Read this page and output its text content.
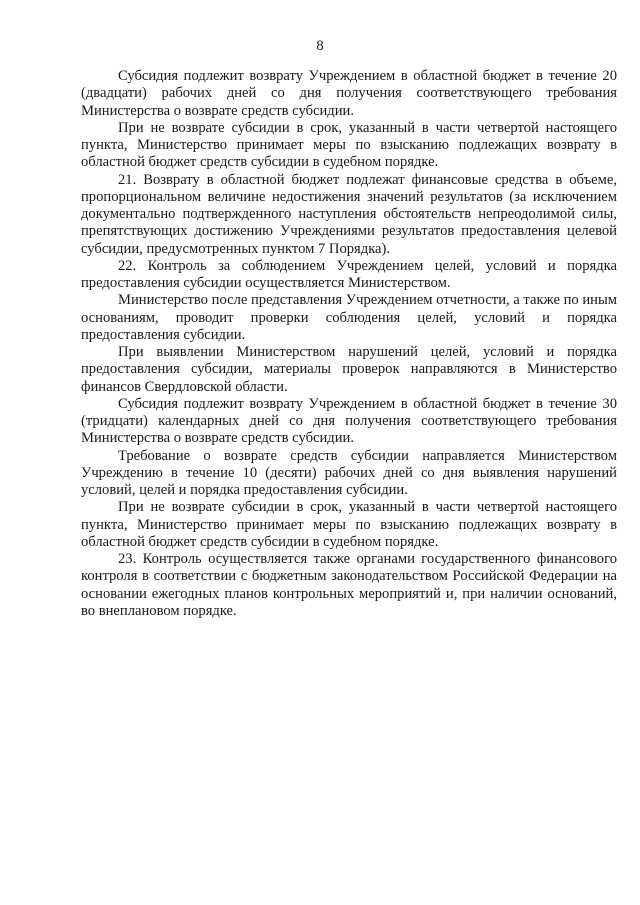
8

Субсидия подлежит возврату Учреждением в областной бюджет в течение 20 (двадцати) рабочих дней со дня получения соответствующего требования Министерства о возврате средств субсидии.

При не возврате субсидии в срок, указанный в части четвертой настоящего пункта, Министерство принимает меры по взысканию подлежащих возврату в областной бюджет средств субсидии в судебном порядке.

21. Возврату в областной бюджет подлежат финансовые средства в объеме, пропорциональном величине недостижения значений результатов (за исключением документально подтвержденного наступления обстоятельств непреодолимой силы, препятствующих достижению Учреждениями результатов предоставления целевой субсидии, предусмотренных пунктом 7 Порядка).

22. Контроль за соблюдением Учреждением целей, условий и порядка предоставления субсидии осуществляется Министерством.

Министерство после представления Учреждением отчетности, а также по иным основаниям, проводит проверки соблюдения целей, условий и порядка предоставления субсидии.

При выявлении Министерством нарушений целей, условий и порядка предоставления субсидии, материалы проверок направляются в Министерство финансов Свердловской области.

Субсидия подлежит возврату Учреждением в областной бюджет в течение 30 (тридцати) календарных дней со дня получения соответствующего требования Министерства о возврате средств субсидии.

Требование о возврате средств субсидии направляется Министерством Учреждению в течение 10 (десяти) рабочих дней со дня выявления нарушений условий, целей и порядка предоставления субсидии.

При не возврате субсидии в срок, указанный в части четвертой настоящего пункта, Министерство принимает меры по взысканию подлежащих возврату в областной бюджет средств субсидии в судебном порядке.

23. Контроль осуществляется также органами государственного финансового контроля в соответствии с бюджетным законодательством Российской Федерации на основании ежегодных планов контрольных мероприятий и, при наличии оснований, во внеплановом порядке.
